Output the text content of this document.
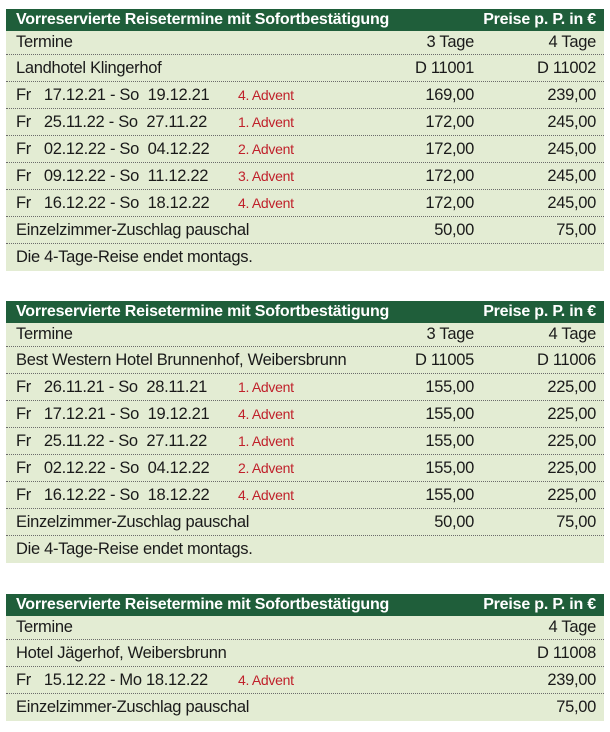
Vorreservierte Reisetermine mit Sofortbestätigung	Preise p. P. in €
Termine	3 Tage	4 Tage
Landhotel Klingerhof	D 11001	D 11002
Fr   17.12.21 - So  19.12.21	4. Advent	169,00	239,00
Fr   25.11.22 - So  27.11.22	1. Advent	172,00	245,00
Fr   02.12.22 - So  04.12.22	2. Advent	172,00	245,00
Fr   09.12.22 - So  11.12.22	3. Advent	172,00	245,00
Fr   16.12.22 - So  18.12.22	4. Advent	172,00	245,00
Einzelzimmer-Zuschlag pauschal	50,00	75,00
Die 4-Tage-Reise endet montags.
Vorreservierte Reisetermine mit Sofortbestätigung	Preise p. P. in €
Termine	3 Tage	4 Tage
Best Western Hotel Brunnenhof, Weibersbrunn	D 11005	D 11006
Fr   26.11.21 - So  28.11.21	1. Advent	155,00	225,00
Fr   17.12.21 - So  19.12.21	4. Advent	155,00	225,00
Fr   25.11.22 - So  27.11.22	1. Advent	155,00	225,00
Fr   02.12.22 - So  04.12.22	2. Advent	155,00	225,00
Fr   16.12.22 - So  18.12.22	4. Advent	155,00	225,00
Einzelzimmer-Zuschlag pauschal	50,00	75,00
Die 4-Tage-Reise endet montags.
Vorreservierte Reisetermine mit Sofortbestätigung	Preise p. P. in €
Termine	4 Tage
Hotel Jägerhof, Weibersbrunn	D 11008
Fr   15.12.22 - Mo 18.12.22	4. Advent	239,00
Einzelzimmer-Zuschlag pauschal	75,00
